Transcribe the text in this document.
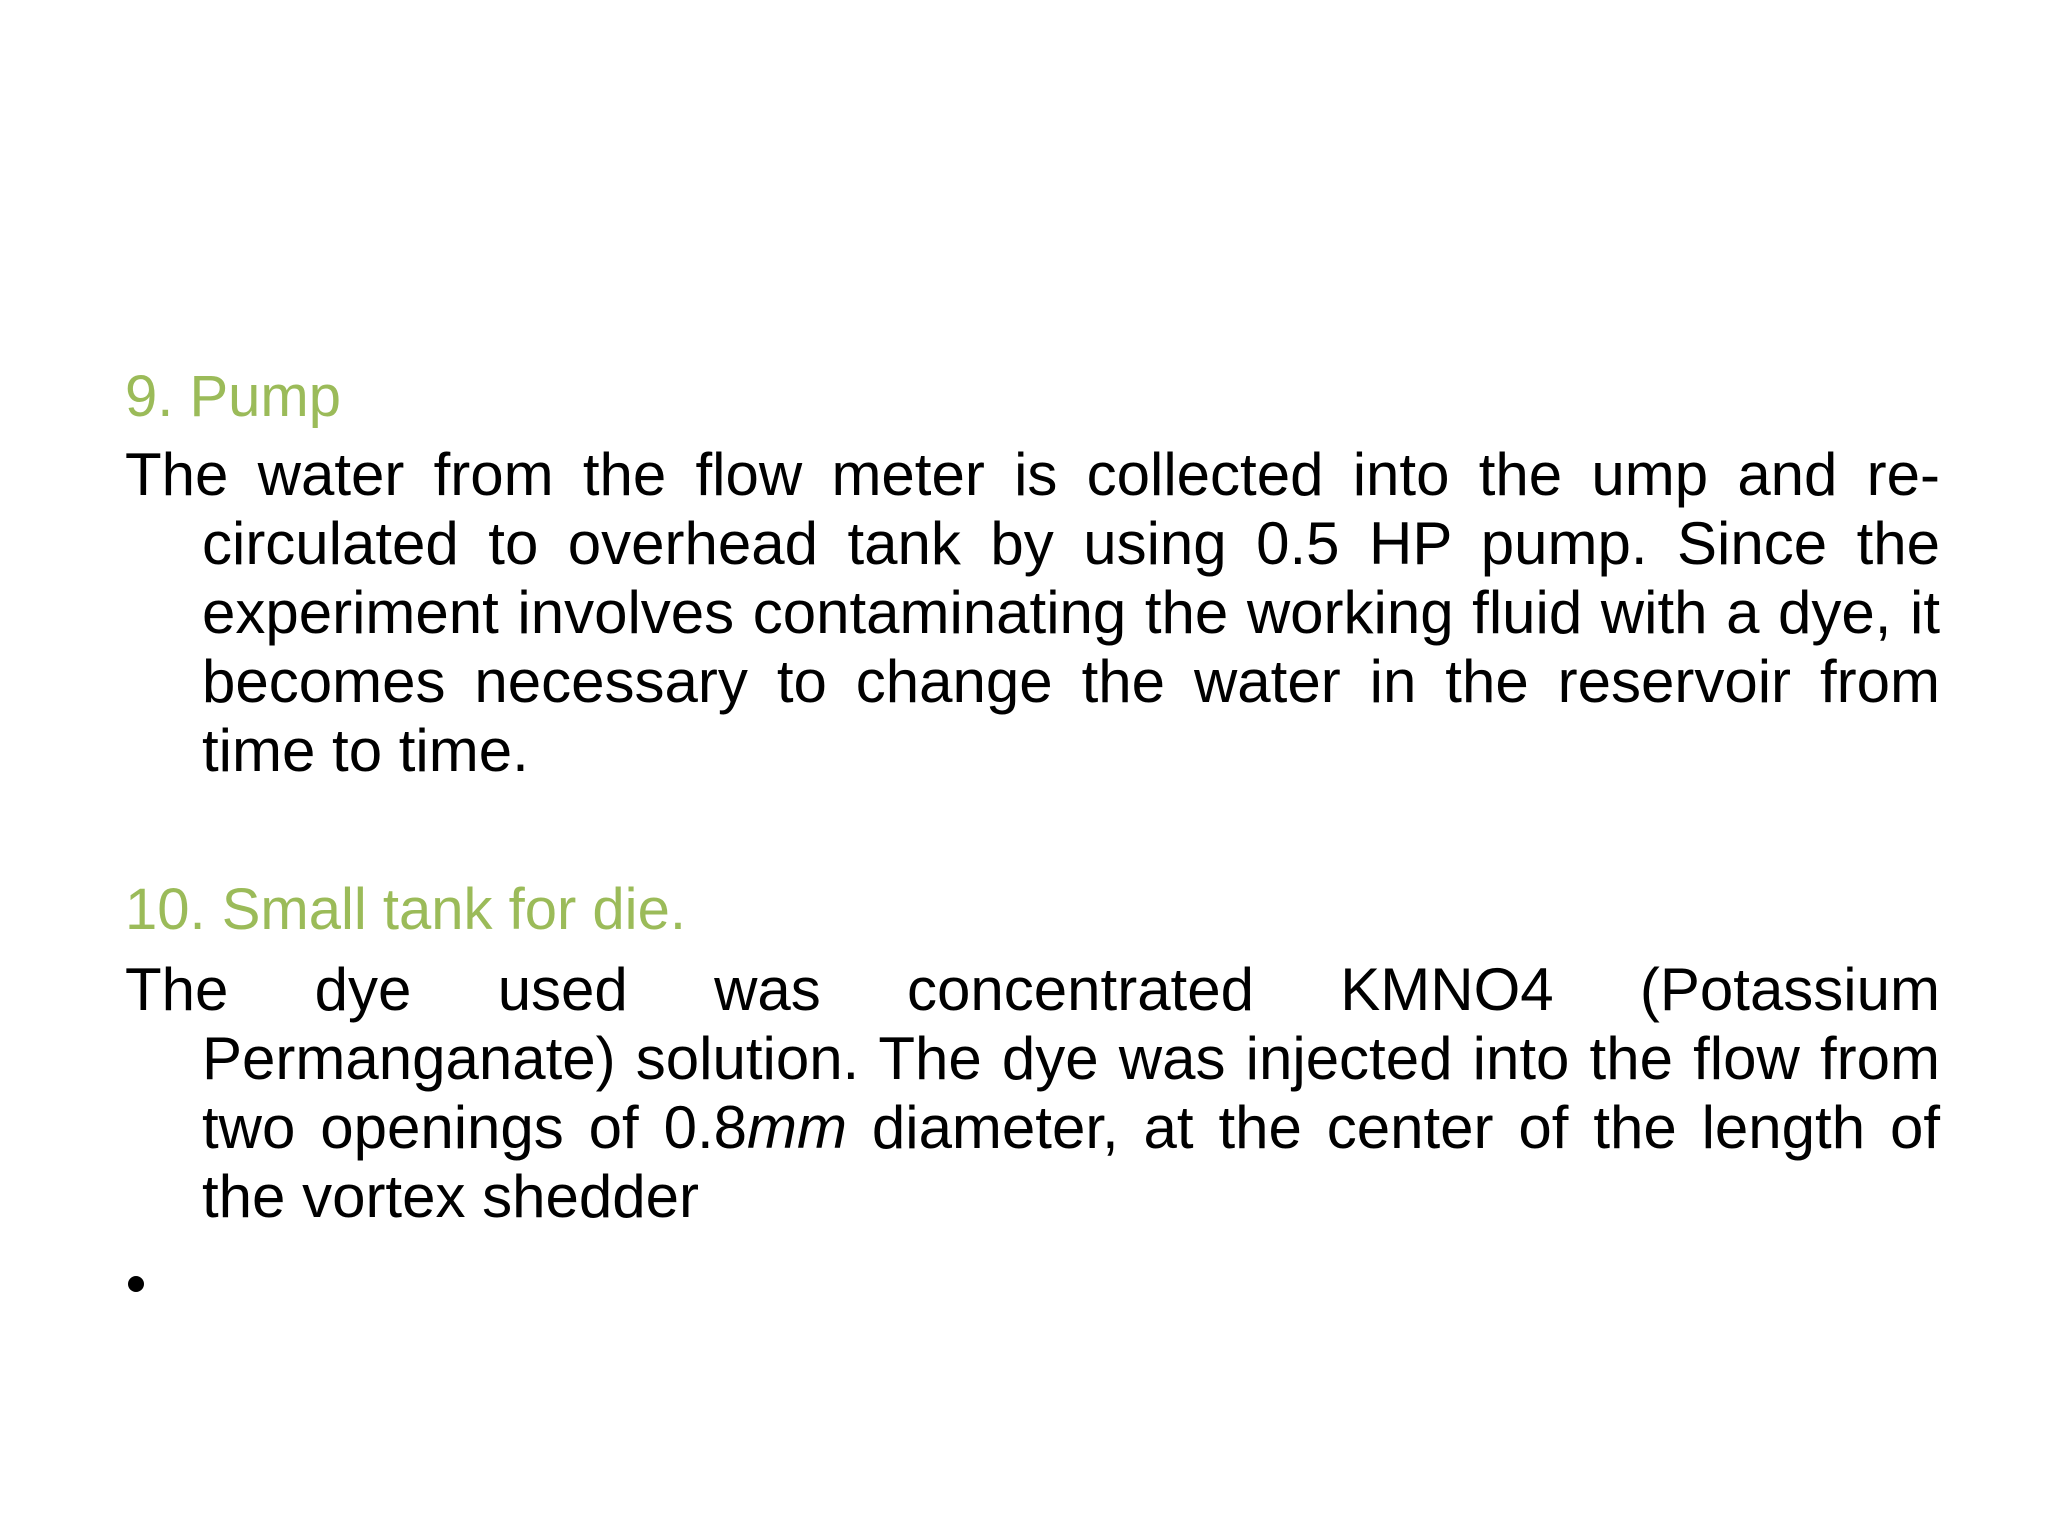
9. Pump

The water from the flow meter is collected into the ump and re-circulated to overhead tank by using 0.5 HP pump. Since the experiment involves contaminating the working fluid with a dye, it becomes necessary to change the water in the reservoir from time to time.

10. Small tank for die.

The dye used was concentrated KMNO4 (Potassium Permanganate) solution. The dye was injected into the flow from two openings of 0.8mm diameter, at the center of the length of the vortex shedder
